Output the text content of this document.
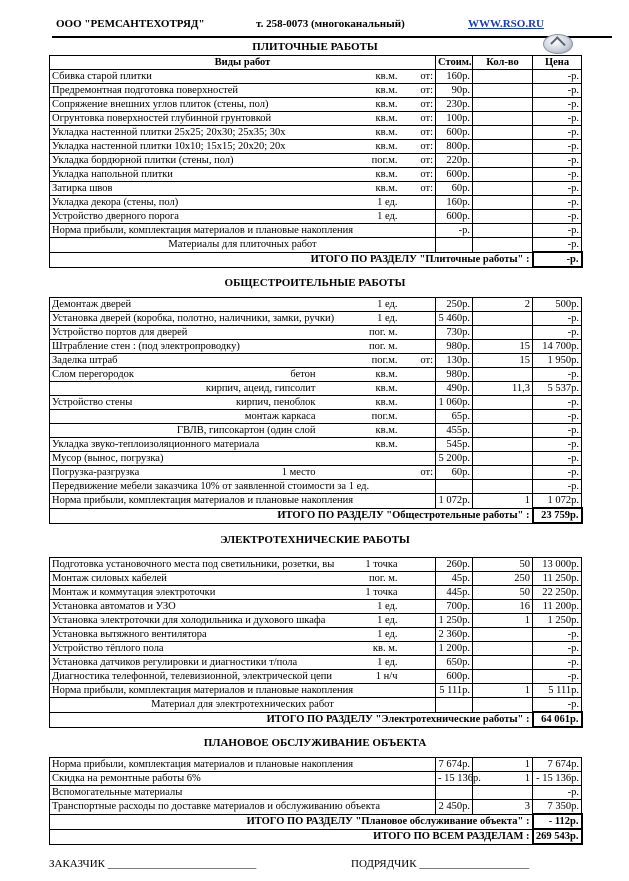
ООО "РЕМСАНТЕХОТРЯД"	т. 258-0073 (многоканальный)	WWW.RSO.RU
ПЛИТОЧНЫЕ РАБОТЫ
Виды работ			Стоим.	Кол-во	Цена
Сбивка старой плитки	кв.м.	от:	160р.		-р.
Предремонтная подготовка поверхностей	кв.м.	от:	90р.		-р.
Сопряжение внешних углов плиток (стены, пол)	кв.м.	от:	230р.		-р.
Огрунтовка поверхностей глубинной грунтовкой	кв.м.	от:	100р.		-р.
Укладка настенной плитки 25х25; 20х30; 25х35; 30х	кв.м.	от:	600р.		-р.
Укладка настенной плитки 10х10; 15х15; 20х20; 20х	кв.м.	от:	800р.		-р.
Укладка бордюрной плитки (стены, пол)	пог.м.	от:	220р.		-р.
Укладка напольной плитки	кв.м.	от:	600р.		-р.
Затирка швов	кв.м.	от:	60р.		-р.
Укладка декора (стены, пол)	1 ед.		160р.		-р.
Устройство дверного порога	1 ед.		600р.		-р.
Норма прибыли, комплектация материалов и плановые накопления			-р.		-р.
Материалы для плиточных работ					-р.
ИТОГО ПО РАЗДЕЛУ "Плиточные работы" :					-р.
ОБЩЕСТРОИТЕЛЬНЫЕ РАБОТЫ
Демонтаж дверей	1 ед.		250р.	2	500р.
Установка дверей (коробка, полотно, наличники, замки, ручки)	1 ед.		5 460р.		-р.
Устройство портов для дверей	пог. м.		730р.		-р.
Штрабление стен : (под электропроводку)	пог. м.		980р.	15	14 700р.
Заделка штраб	пог.м.	от:	130р.	15	1 950р.
Слом перегородок бетон	кв.м.		980р.		-р.

кирпич, ацеид, гипсолит	кв.м.		490р.	11,3	5 537р.
Устройство стены кирпич, пеноблок	кв.м.		1 060р.		-р.

монтаж каркаса	пог.м.		65р.		-р.

ГВЛВ, гипсокартон (один слой	кв.м.		455р.		-р.
Укладка звуко-теплоизоляционного материала	кв.м.		545р.		-р.
Мусор (вынос, погрузка)			5 200р.		-р.
Погрузка-разгрузка 1 место		от:	60р.		-р.
Передвижение мебели заказчика 10% от заявленной стоимости за 1 ед.					-р.
Норма прибыли, комплектация материалов и плановые накопления			1 072р.	1	1 072р.
ИТОГО ПО РАЗДЕЛУ "Общестротельные работы" :					23 759р.
ЭЛЕКТРОТЕХНИЧЕСКИЕ РАБОТЫ
Подготовка установочного места под светильники, розетки, вы	1 точка		260р.	50	13 000р.
Монтаж силовых кабелей	пог. м.		45р.	250	11 250р.
Монтаж и коммутация электроточки	1 точка		445р.	50	22 250р.
Установка автоматов и УЗО	1 ед.		700р.	16	11 200р.
Установка электроточки для холодильника и духового шкафа	1 ед.		1 250р.	1	1 250р.
Установка вытяжного вентилятора	1 ед.		2 360р.		-р.
Устройство тёплого пола	кв. м.		1 200р.		-р.
Установка датчиков регулировки и диагностики т/пола	1 ед.		650р.		-р.
Диагностика телефонной, телевизионной, электрической цепи	1 н/ч		600р.		-р.
Норма прибыли, комплектация материалов и плановые накопления			5 111р.	1	5 111р.
Материал для электротехнических работ					-р.
ИТОГО ПО РАЗДЕЛУ "Электротехнические работы" :					64 061р.
ПЛАНОВОЕ ОБСЛУЖИВАНИЕ ОБЪЕКТА
Норма прибыли, комплектация материалов и плановые накопления			7 674р.	1	7 674р.
Скидка на ремонтные работы 6%			- 15 136р.	1	- 15 136р.
Вспомогательные материалы					-р.
Транспортные расходы по доставке материалов и обслуживанию объекта			2 450р.	3	7 350р.
ИТОГО ПО РАЗДЕЛУ "Плановое обслуживание объекта" :					- 112р.
ИТОГО ПО ВСЕМ РАЗДЕЛАМ :					269 543р.
ЗАКАЗЧИК ___________________________	ПОДРЯДЧИК ____________________
